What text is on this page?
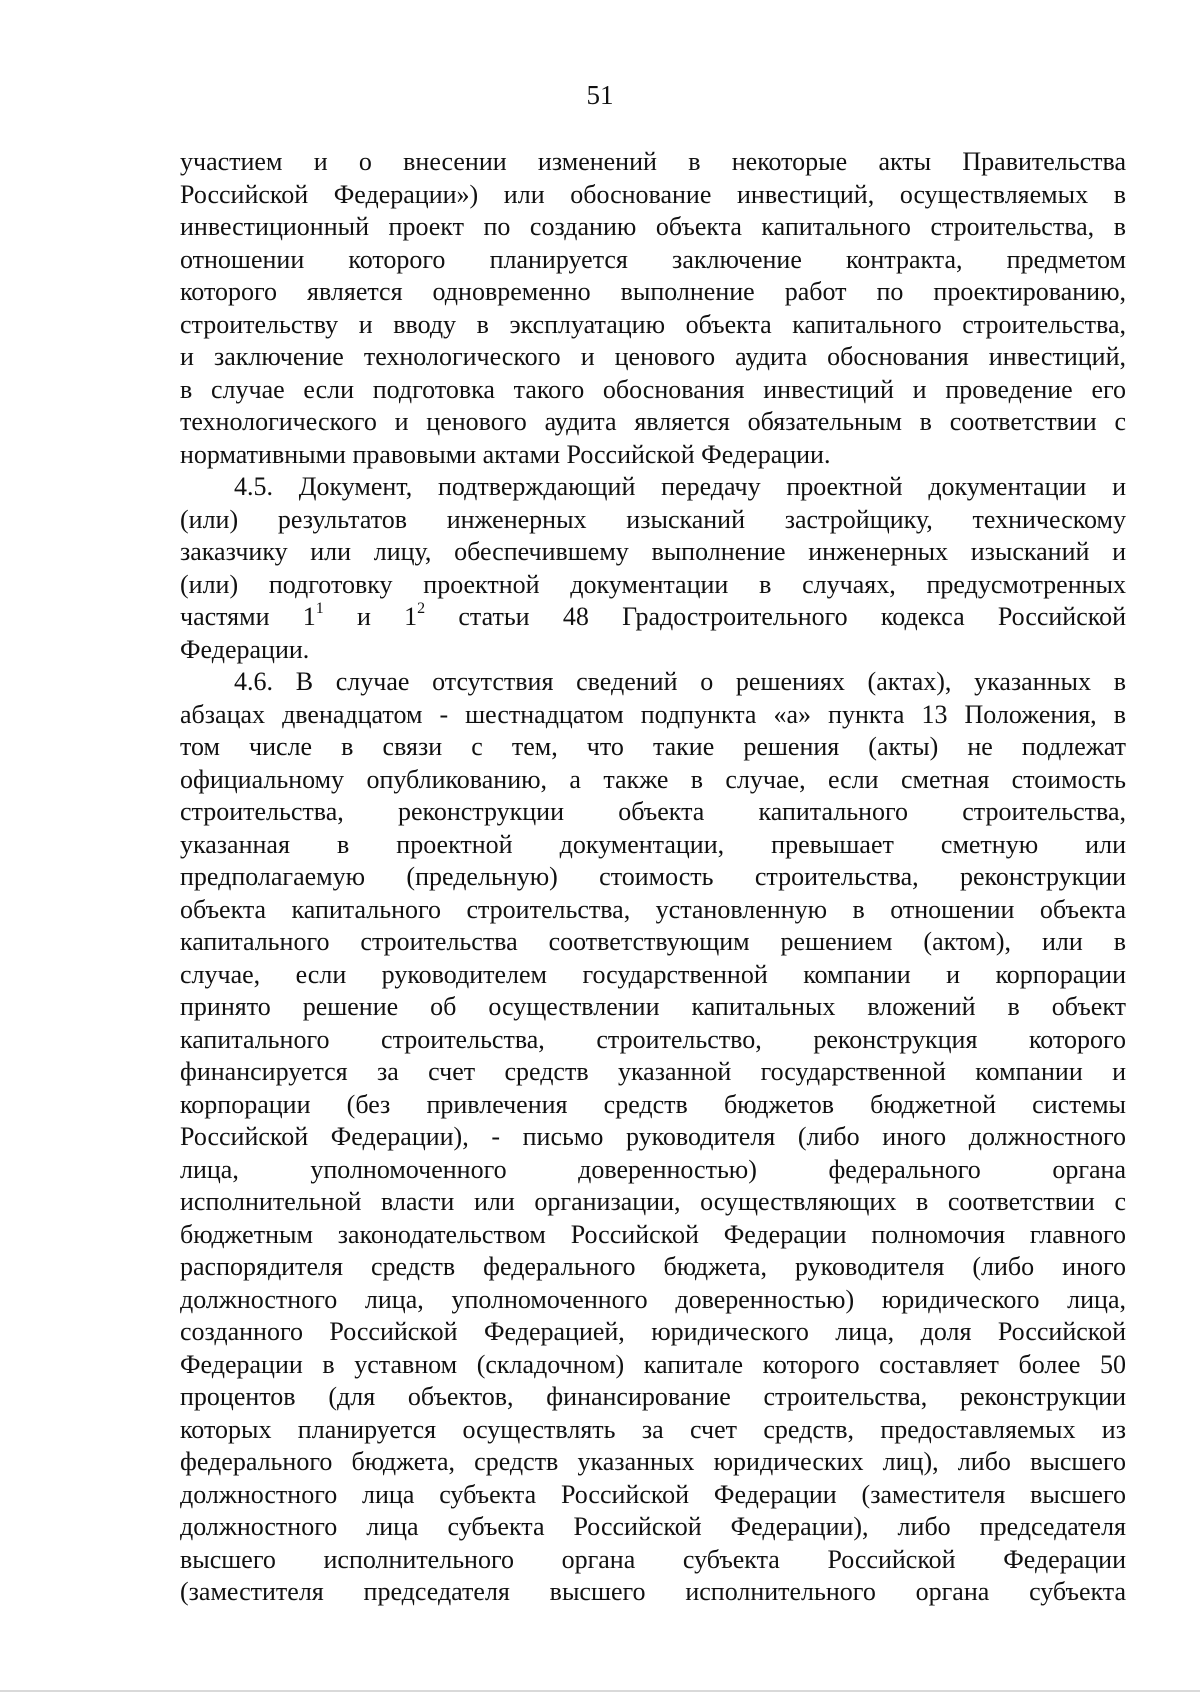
51
участием и о внесении изменений в некоторые акты Правительства
Российской Федерации») или обоснование инвестиций, осуществляемых в
инвестиционный проект по созданию объекта капитального строительства, в
отношении которого планируется заключение контракта, предметом
которого является одновременно выполнение работ по проектированию,
строительству и вводу в эксплуатацию объекта капитального строительства,
и заключение технологического и ценового аудита обоснования инвестиций,
в случае если подготовка такого обоснования инвестиций и проведение его
технологического и ценового аудита является обязательным в соответствии с
нормативными правовыми актами Российской Федерации.
4.5. Документ, подтверждающий передачу проектной документации и
(или) результатов инженерных изысканий застройщику, техническому
заказчику или лицу, обеспечившему выполнение инженерных изысканий и
(или) подготовку проектной документации в случаях, предусмотренных
частями $1^1$ и $1^2$ статьи 48 Градостроительного кодекса Российской
Федерации.
4.6. В случае отсутствия сведений о решениях (актах), указанных в
абзацах двенадцатом - шестнадцатом подпункта «а» пункта 13 Положения, в
том числе в связи с тем, что такие решения (акты) не подлежат
официальному опубликованию, а также в случае, если сметная стоимость
строительства, реконструкции объекта капитального строительства,
указанная в проектной документации, превышает сметную или
предполагаемую (предельную) стоимость строительства, реконструкции
объекта капитального строительства, установленную в отношении объекта
капитального строительства соответствующим решением (актом), или в
случае, если руководителем государственной компании и корпорации
принято решение об осуществлении капитальных вложений в объект
капитального строительства, строительство, реконструкция которого
финансируется за счет средств указанной государственной компании и
корпорации (без привлечения средств бюджетов бюджетной системы
Российской Федерации), - письмо руководителя (либо иного должностного
лица, уполномоченного доверенностью) федерального органа
исполнительной власти или организации, осуществляющих в соответствии с
бюджетным законодательством Российской Федерации полномочия главного
распорядителя средств федерального бюджета, руководителя (либо иного
должностного лица, уполномоченного доверенностью) юридического лица,
созданного Российской Федерацией, юридического лица, доля Российской
Федерации в уставном (складочном) капитале которого составляет более 50
процентов (для объектов, финансирование строительства, реконструкции
которых планируется осуществлять за счет средств, предоставляемых из
федерального бюджета, средств указанных юридических лиц), либо высшего
должностного лица субъекта Российской Федерации (заместителя высшего
должностного лица субъекта Российской Федерации), либо председателя
высшего исполнительного органа субъекта Российской Федерации
(заместителя председателя высшего исполнительного органа субъекта
